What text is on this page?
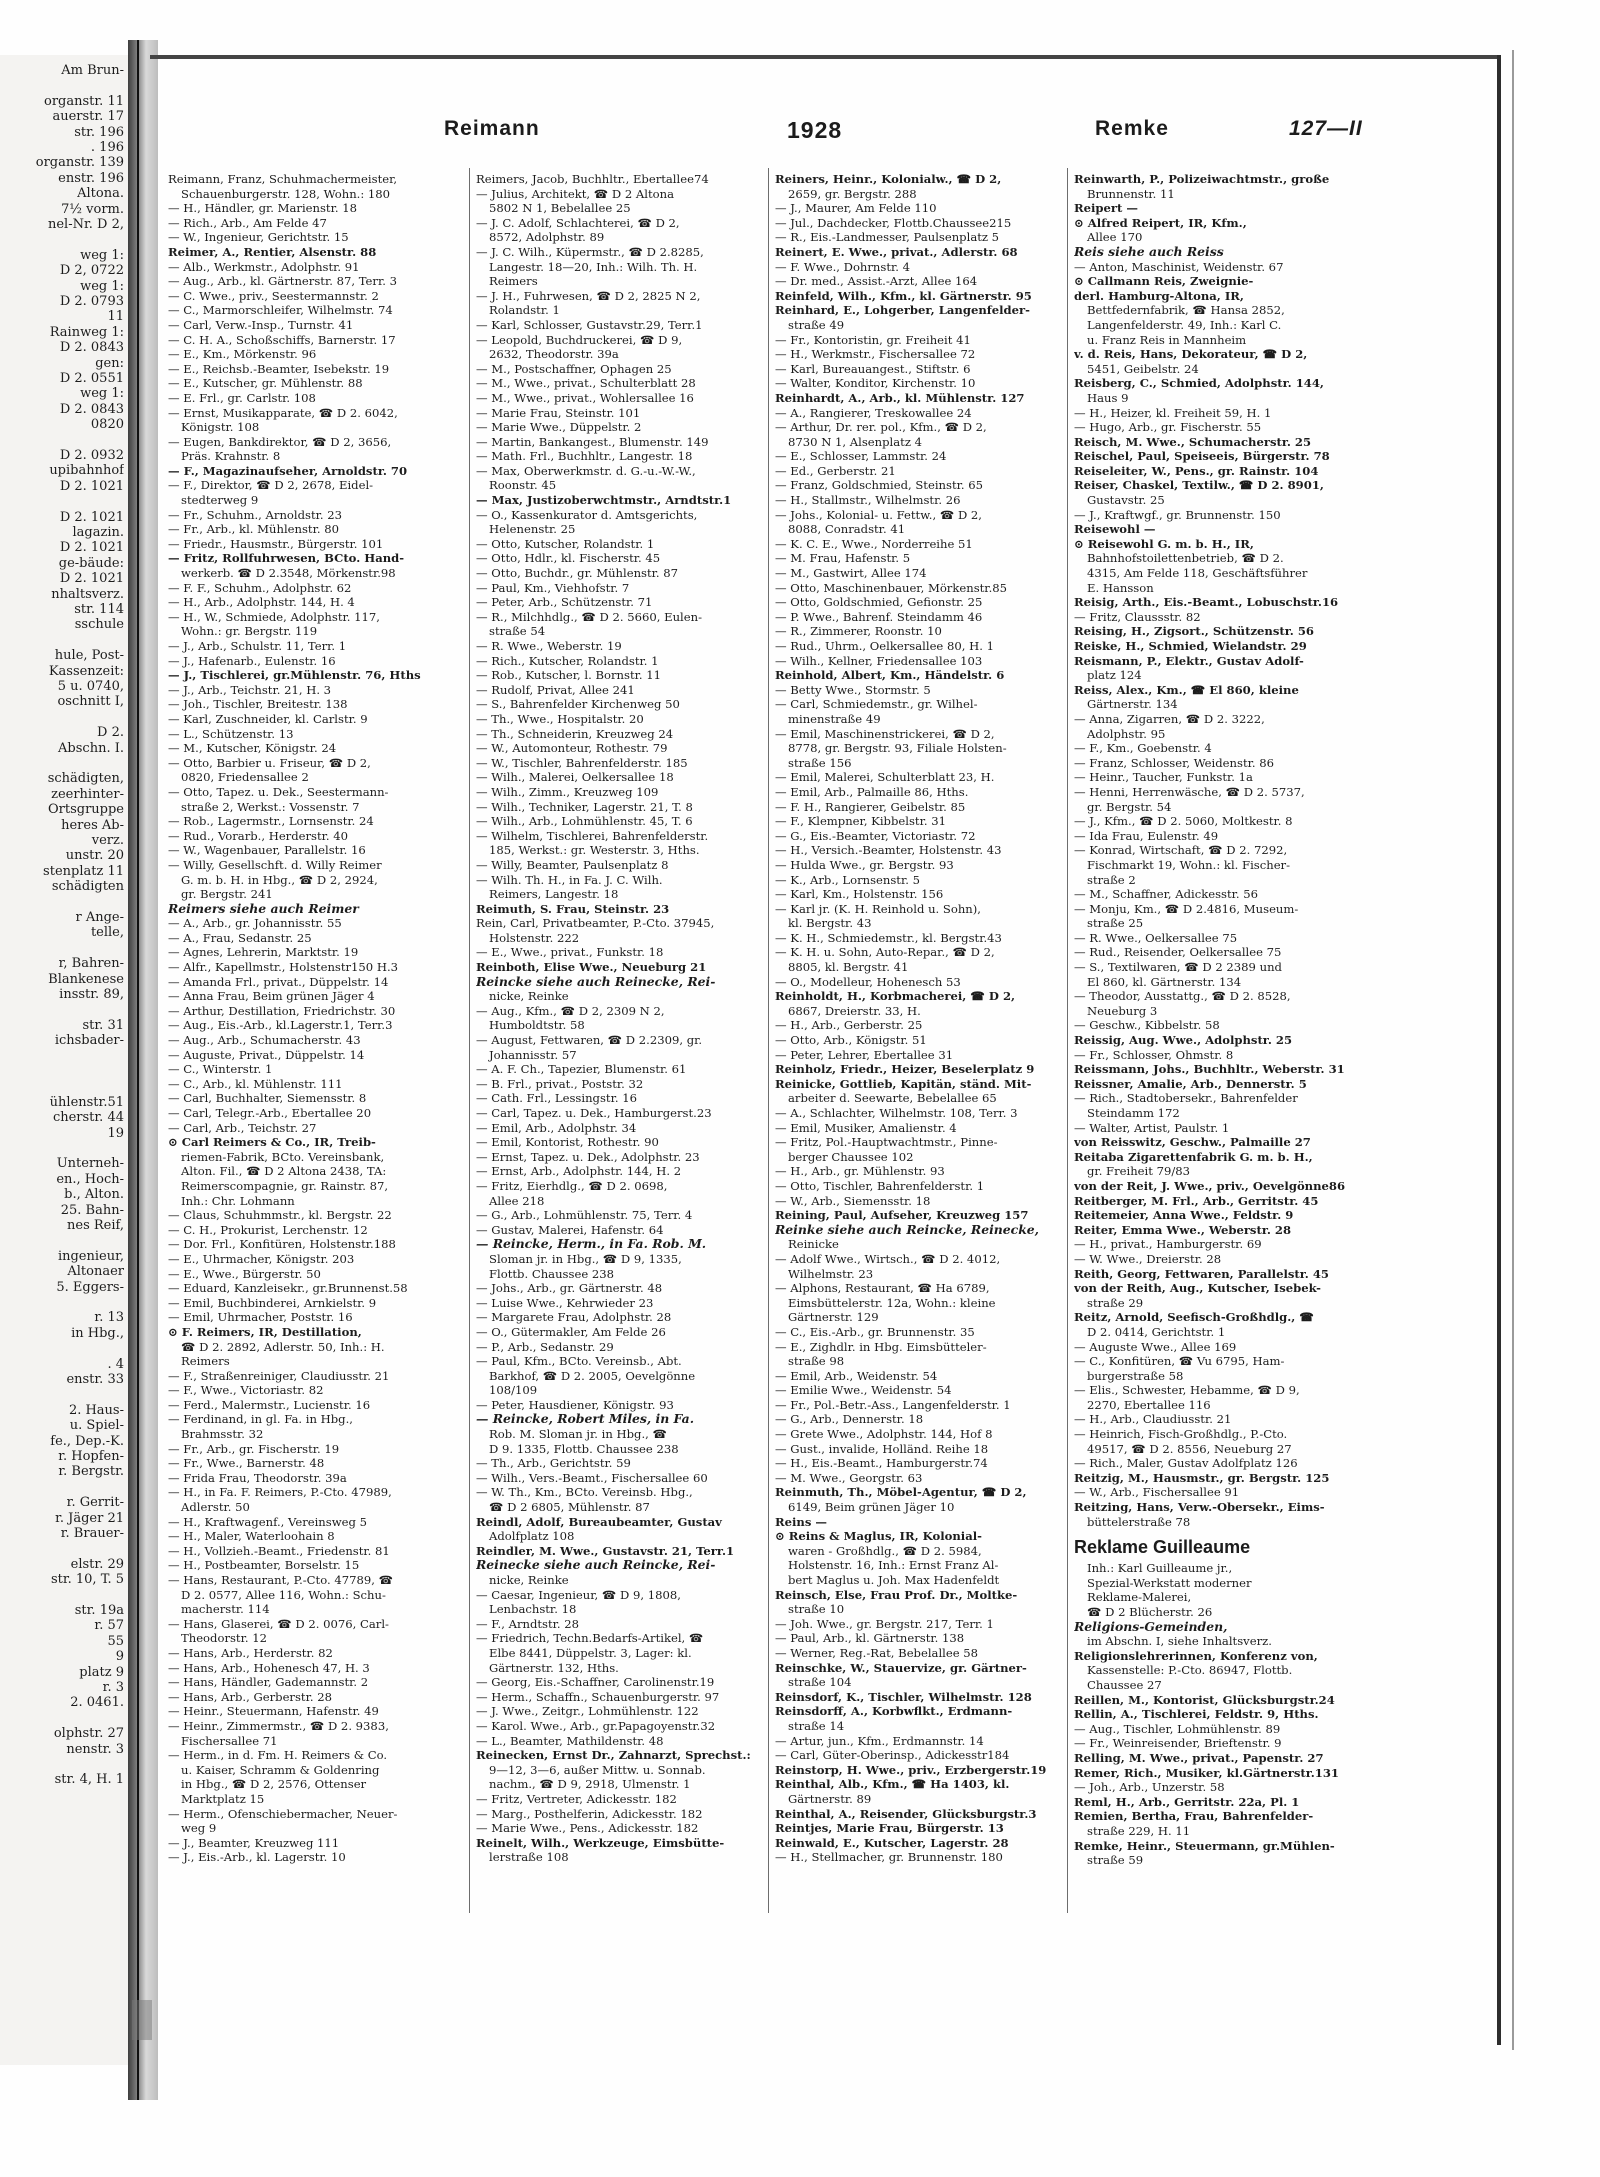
Am Brun-
organstr. 11
auerstr. 17
str. 196
. 196
organstr. 139
enstr. 196
Altona.
7½ vorm.
nel-Nr. D 2,
weg 1:
D 2, 0722
weg 1:
D 2. 0793
11
Rainweg 1:
D 2. 0843
gen:
D 2. 0551
weg 1:
D 2. 0843
0820
D 2. 0932
upibahnhof
D 2. 1021
D 2. 1021
lagazin.
D 2. 1021
ge-bäude:
D 2. 1021
nhaltsverz.
str. 114
sschule
hule, Post-
Kassenzeit:
5 u. 0740,
oschnitt I,
D 2.
Abschn. I.
schädigten,
zeerhinter-
Ortsgruppe
heres Ab-
verz.
unstr. 20
stenplatz 11
schädigten
r Ange-
telle,
r, Bahren-
Blankenese
insstr. 89,
str. 31
ichsbader-
ühlenstr.51
cherstr. 44
19
Unterneh-
en., Hoch-
b., Alton.
25. Bahn-
nes Reif,
ingenieur,
Altonaer
5. Eggers-
r. 13
in Hbg.,
. 4
enstr. 33
2. Haus-
u. Spiel-
fe., Dep.-K.
r. Hopfen-
r. Bergstr.
r. Gerrit-
r. Jäger 21
r. Brauer-
elstr. 29
str. 10, T. 5
str. 19a
r. 57
55
9
platz 9
r. 3
2. 0461.
olphstr. 27
nenstr. 3
str. 4, H. 1
Reimann	1928	Remke	127—II
Reimann, Franz, Schuhmachermeister,
Schauenburgerstr. 128, Wohn.: 180
— H., Händler, gr. Marienstr. 18
— Rich., Arb., Am Felde 47
— W., Ingenieur, Gerichtstr. 15
Reimer, A., Rentier, Alsenstr. 88
— Alb., Werkmstr., Adolphstr. 91
— Aug., Arb., kl. Gärtnerstr. 87, Terr. 3
— C. Wwe., priv., Seestermannstr. 2
— C., Marmorschleifer, Wilhelmstr. 74
— Carl, Verw.-Insp., Turnstr. 41
— C. H. A., Schoßschiffs, Barnerstr. 17
— E., Km., Mörkenstr. 96
— E., Reichsb.-Beamter, Isebekstr. 19
— E., Kutscher, gr. Mühlenstr. 88
— E. Frl., gr. Carlstr. 108
— Ernst, Musikapparate, ☎ D 2. 6042,
Königstr. 108
— Eugen, Bankdirektor, ☎ D 2, 3656,
Präs. Krahnstr. 8
— F., Magazinaufseher, Arnoldstr. 70
— F., Direktor, ☎ D 2, 2678, Eidel-
stedterweg 9
— Fr., Schuhm., Arnoldstr. 23
— Fr., Arb., kl. Mühlenstr. 80
— Friedr., Hausmstr., Bürgerstr. 101
— Fritz, Rollfuhrwesen, BCto. Hand-
werkerb. ☎ D 2.3548, Mörkenstr.98
— F. F., Schuhm., Adolphstr. 62
— H., Arb., Adolphstr. 144, H. 4
— H., W., Schmiede, Adolphstr. 117,
Wohn.: gr. Bergstr. 119
— J., Arb., Schulstr. 11, Terr. 1
— J., Hafenarb., Eulenstr. 16
— J., Tischlerei, gr.Mühlenstr. 76, Hths
— J., Arb., Teichstr. 21, H. 3
— Joh., Tischler, Breitestr. 138
— Karl, Zuschneider, kl. Carlstr. 9
— L., Schützenstr. 13
— M., Kutscher, Königstr. 24
— Otto, Barbier u. Friseur, ☎ D 2,
0820, Friedensallee 2
— Otto, Tapez. u. Dek., Seestermann-
straße 2, Werkst.: Vossenstr. 7
— Rob., Lagermstr., Lornsenstr. 24
— Rud., Vorarb., Herderstr. 40
— W., Wagenbauer, Parallelstr. 16
— Willy, Gesellschft. d. Willy Reimer
G. m. b. H. in Hbg., ☎ D 2, 2924,
gr. Bergstr. 241
Reimers siehe auch Reimer
— A., Arb., gr. Johannisstr. 55
— A., Frau, Sedanstr. 25
— Agnes, Lehrerin, Marktstr. 19
— Alfr., Kapellmstr., Holstenstr150 H.3
— Amanda Frl., privat., Düppelstr. 14
— Anna Frau, Beim grünen Jäger 4
— Arthur, Destillation, Friedrichstr. 30
— Aug., Eis.-Arb., kl.Lagerstr.1, Terr.3
— Aug., Arb., Schumacherstr. 43
— Auguste, Privat., Düppelstr. 14
— C., Winterstr. 1
— C., Arb., kl. Mühlenstr. 111
— Carl, Buchhalter, Siemensstr. 8
— Carl, Telegr.-Arb., Ebertallee 20
— Carl, Arb., Teichstr. 27
⊙ Carl Reimers & Co., IR, Treib-
riemen-Fabrik, BCto. Vereinsbank,
Alton. Fil., ☎ D 2 Altona 2438, TA:
Reimerscompagnie, gr. Rainstr. 87,
Inh.: Chr. Lohmann
— Claus, Schuhmmstr., kl. Bergstr. 22
— C. H., Prokurist, Lerchenstr. 12
— Dor. Frl., Konfitüren, Holstenstr.188
— E., Uhrmacher, Königstr. 203
— E., Wwe., Bürgerstr. 50
— Eduard, Kanzleisekr., gr.Brunnenst.58
— Emil, Buchbinderei, Arnkielstr. 9
— Emil, Uhrmacher, Poststr. 16
⊙ F. Reimers, IR, Destillation,
☎ D 2. 2892, Adlerstr. 50, Inh.: H.
Reimers
— F., Straßenreiniger, Claudiusstr. 21
— F., Wwe., Victoriastr. 82
— Ferd., Malermstr., Lucienstr. 16
— Ferdinand, in gl. Fa. in Hbg.,
Brahmsstr. 32
— Fr., Arb., gr. Fischerstr. 19
— Fr., Wwe., Barnerstr. 48
— Frida Frau, Theodorstr. 39a
— H., in Fa. F. Reimers, P.-Cto. 47989,
Adlerstr. 50
— H., Kraftwagenf., Vereinsweg 5
— H., Maler, Waterloohain 8
— H., Vollzieh.-Beamt., Friedenstr. 81
— H., Postbeamter, Borselstr. 15
— Hans, Restaurant, P.-Cto. 47789, ☎
D 2. 0577, Allee 116, Wohn.: Schu-
macherstr. 114
— Hans, Glaserei, ☎ D 2. 0076, Carl-
Theodorstr. 12
— Hans, Arb., Herderstr. 82
— Hans, Arb., Hohenesch 47, H. 3
— Hans, Händler, Gademannstr. 2
— Hans, Arb., Gerberstr. 28
— Heinr., Steuermann, Hafenstr. 49
— Heinr., Zimmermstr., ☎ D 2. 9383,
Fischersallee 71
— Herm., in d. Fm. H. Reimers & Co.
u. Kaiser, Schramm & Goldenring
in Hbg., ☎ D 2, 2576, Ottenser
Marktplatz 15
— Herm., Ofenschiebermacher, Neuer-
weg 9
— J., Beamter, Kreuzweg 111
— J., Eis.-Arb., kl. Lagerstr. 10
Reimers, Jacob, Buchhltr., Ebertallee74
— Julius, Architekt, ☎ D 2 Altona
5802 N 1, Bebelallee 25
— J. C. Adolf, Schlachterei, ☎ D 2,
8572, Adolphstr. 89
— J. C. Wilh., Küpermstr., ☎ D 2.8285,
Langestr. 18—20, Inh.: Wilh. Th. H.
Reimers
— J. H., Fuhrwesen, ☎ D 2, 2825 N 2,
Rolandstr. 1
— Karl, Schlosser, Gustavstr.29, Terr.1
— Leopold, Buchdruckerei, ☎ D 9,
2632, Theodorstr. 39a
— M., Postschaffner, Ophagen 25
— M., Wwe., privat., Schulterblatt 28
— M., Wwe., privat., Wohlersallee 16
— Marie Frau, Steinstr. 101
— Marie Wwe., Düppelstr. 2
— Martin, Bankangest., Blumenstr. 149
— Math. Frl., Buchhltr., Langestr. 18
— Max, Oberwerkmstr. d. G.-u.-W.-W.,
Roonstr. 45
— Max, Justizoberwchtmstr., Arndtstr.1
— O., Kassenkurator d. Amtsgerichts,
Helenenstr. 25
— Otto, Kutscher, Rolandstr. 1
— Otto, Hdlr., kl. Fischerstr. 45
— Otto, Buchdr., gr. Mühlenstr. 87
— Paul, Km., Viehhofstr. 7
— Peter, Arb., Schützenstr. 71
— R., Milchhdlg., ☎ D 2. 5660, Eulen-
straße 54
— R. Wwe., Weberstr. 19
— Rich., Kutscher, Rolandstr. 1
— Rob., Kutscher, l. Bornstr. 11
— Rudolf, Privat, Allee 241
— S., Bahrenfelder Kirchenweg 50
— Th., Wwe., Hospitalstr. 20
— Th., Schneiderin, Kreuzweg 24
— W., Automonteur, Rothestr. 79
— W., Tischler, Bahrenfelderstr. 185
— Wilh., Malerei, Oelkersallee 18
— Wilh., Zimm., Kreuzweg 109
— Wilh., Techniker, Lagerstr. 21, T. 8
— Wilh., Arb., Lohmühlenstr. 45, T. 6
— Wilhelm, Tischlerei, Bahrenfelderstr.
185, Werkst.: gr. Westerstr. 3, Hths.
— Willy, Beamter, Paulsenplatz 8
— Wilh. Th. H., in Fa. J. C. Wilh.
Reimers, Langestr. 18
Reimuth, S. Frau, Steinstr. 23
Rein, Carl, Privatbeamter, P.-Cto. 37945,
Holstenstr. 222
— E., Wwe., privat., Funkstr. 18
Reinboth, Elise Wwe., Neueburg 21
Reincke siehe auch Reinecke, Rei-
nicke, Reinke
— Aug., Kfm., ☎ D 2, 2309 N 2,
Humboldtstr. 58
— August, Fettwaren, ☎ D 2.2309, gr.
Johannisstr. 57
— A. F. Ch., Tapezier, Blumenstr. 61
— B. Frl., privat., Poststr. 32
— Cath. Frl., Lessingstr. 16
— Carl, Tapez. u. Dek., Hamburgerst.23
— Emil, Arb., Adolphstr. 34
— Emil, Kontorist, Rothestr. 90
— Ernst, Tapez. u. Dek., Adolphstr. 23
— Ernst, Arb., Adolphstr. 144, H. 2
— Fritz, Eierhdlg., ☎ D 2. 0698,
Allee 218
— G., Arb., Lohmühlenstr. 75, Terr. 4
— Gustav, Malerei, Hafenstr. 64
— Reincke, Herm., in Fa. Rob. M.
Sloman jr. in Hbg., ☎ D 9, 1335,
Flottb. Chaussee 238
— Johs., Arb., gr. Gärtnerstr. 48
— Luise Wwe., Kehrwieder 23
— Margarete Frau, Adolphstr. 28
— O., Gütermakler, Am Felde 26
— P., Arb., Sedanstr. 29
— Paul, Kfm., BCto. Vereinsb., Abt.
Barkhof, ☎ D 2. 2005, Oevelgönne
108/109
— Peter, Hausdiener, Königstr. 93
— Reincke, Robert Miles, in Fa.
Rob. M. Sloman jr. in Hbg., ☎
D 9. 1335, Flottb. Chaussee 238
— Th., Arb., Gerichtstr. 59
— Wilh., Vers.-Beamt., Fischersallee 60
— W. Th., Km., BCto. Vereinsb. Hbg.,
☎ D 2 6805, Mühlenstr. 87
Reindl, Adolf, Bureaubeamter, Gustav
Adolfplatz 108
Reindler, M. Wwe., Gustavstr. 21, Terr.1
Reinecke siehe auch Reincke, Rei-
nicke, Reinke
— Caesar, Ingenieur, ☎ D 9, 1808,
Lenbachstr. 18
— F., Arndtstr. 28
— Friedrich, Techn.Bedarfs-Artikel, ☎
Elbe 8441, Düppelstr. 3, Lager: kl.
Gärtnerstr. 132, Hths.
— Georg, Eis.-Schaffner, Carolinenstr.19
— Herm., Schaffn., Schauenburgerstr. 97
— J. Wwe., Zeitgr., Lohmühlenstr. 122
— Karol. Wwe., Arb., gr.Papagoyenstr.32
— L., Beamter, Mathildenstr. 48
Reinecken, Ernst Dr., Zahnarzt, Sprechst.:
9—12, 3—6, außer Mittw. u. Sonnab.
nachm., ☎ D 9, 2918, Ulmenstr. 1
— Fritz, Vertreter, Adickesstr. 182
— Marg., Posthelferin, Adickesstr. 182
— Marie Wwe., Pens., Adickesstr. 182
Reinelt, Wilh., Werkzeuge, Eimsbütte-
lerstraße 108
Reiners, Heinr., Kolonialw., ☎ D 2,
2659, gr. Bergstr. 288
— J., Maurer, Am Felde 110
— Jul., Dachdecker, Flottb.Chaussee215
— R., Eis.-Landmesser, Paulsenplatz 5
Reinert, E. Wwe., privat., Adlerstr. 68
— F. Wwe., Dohrnstr. 4
— Dr. med., Assist.-Arzt, Allee 164
Reinfeld, Wilh., Kfm., kl. Gärtnerstr. 95
Reinhard, E., Lohgerber, Langenfelder-
straße 49
— Fr., Kontoristin, gr. Freiheit 41
— H., Werkmstr., Fischersallee 72
— Karl, Bureauangest., Stiftstr. 6
— Walter, Konditor, Kirchenstr. 10
Reinhardt, A., Arb., kl. Mühlenstr. 127
— A., Rangierer, Treskowallee 24
— Arthur, Dr. rer. pol., Kfm., ☎ D 2,
8730 N 1, Alsenplatz 4
— E., Schlosser, Lammstr. 24
— Ed., Gerberstr. 21
— Franz, Goldschmied, Steinstr. 65
— H., Stallmstr., Wilhelmstr. 26
— Johs., Kolonial- u. Fettw., ☎ D 2,
8088, Conradstr. 41
— K. C. E., Wwe., Norderreihe 51
— M. Frau, Hafenstr. 5
— M., Gastwirt, Allee 174
— Otto, Maschinenbauer, Mörkenstr.85
— Otto, Goldschmied, Gefionstr. 25
— P. Wwe., Bahrenf. Steindamm 46
— R., Zimmerer, Roonstr. 10
— Rud., Uhrm., Oelkersallee 80, H. 1
— Wilh., Kellner, Friedensallee 103
Reinhold, Albert, Km., Händelstr. 6
— Betty Wwe., Stormstr. 5
— Carl, Schmiedemstr., gr. Wilhel-
minenstraße 49
— Emil, Maschinenstrickerei, ☎ D 2,
8778, gr. Bergstr. 93, Filiale Holsten-
straße 156
— Emil, Malerei, Schulterblatt 23, H.
— Emil, Arb., Palmaille 86, Hths.
— F. H., Rangierer, Geibelstr. 85
— F., Klempner, Kibbelstr. 31
— G., Eis.-Beamter, Victoriastr. 72
— H., Versich.-Beamter, Holstenstr. 43
— Hulda Wwe., gr. Bergstr. 93
— K., Arb., Lornsenstr. 5
— Karl, Km., Holstenstr. 156
— Karl jr. (K. H. Reinhold u. Sohn),
kl. Bergstr. 43
— K. H., Schmiedemstr., kl. Bergstr.43
— K. H. u. Sohn, Auto-Repar., ☎ D 2,
8805, kl. Bergstr. 41
— O., Modelleur, Hohenesch 53
Reinholdt, H., Korbmacherei, ☎ D 2,
6867, Dreierstr. 33, H.
— H., Arb., Gerberstr. 25
— Otto, Arb., Königstr. 51
— Peter, Lehrer, Ebertallee 31
Reinholz, Friedr., Heizer, Beselerplatz 9
Reinicke, Gottlieb, Kapitän, ständ. Mit-
arbeiter d. Seewarte, Bebelallee 65
— A., Schlachter, Wilhelmstr. 108, Terr. 3
— Emil, Musiker, Amalienstr. 4
— Fritz, Pol.-Hauptwachtmstr., Pinne-
berger Chaussee 102
— H., Arb., gr. Mühlenstr. 93
— Otto, Tischler, Bahrenfelderstr. 1
— W., Arb., Siemensstr. 18
Reining, Paul, Aufseher, Kreuzweg 157
Reinke siehe auch Reincke, Reinecke,
Reinicke
— Adolf Wwe., Wirtsch., ☎ D 2. 4012,
Wilhelmstr. 23
— Alphons, Restaurant, ☎ Ha 6789,
Eimsbüttelerstr. 12a, Wohn.: kleine
Gärtnerstr. 129
— C., Eis.-Arb., gr. Brunnenstr. 35
— E., Zighdlr. in Hbg. Eimsbütteler-
straße 98
— Emil, Arb., Weidenstr. 54
— Emilie Wwe., Weidenstr. 54
— Fr., Pol.-Betr.-Ass., Langenfelderstr. 1
— G., Arb., Dennerstr. 18
— Grete Wwe., Adolphstr. 144, Hof 8
— Gust., invalide, Holländ. Reihe 18
— H., Eis.-Beamt., Hamburgerstr.74
— M. Wwe., Georgstr. 63
Reinmuth, Th., Möbel-Agentur, ☎ D 2,
6149, Beim grünen Jäger 10
Reins —
⊙ Reins & Maglus, IR, Kolonial-
waren - Großhdlg., ☎ D 2. 5984,
Holstenstr. 16, Inh.: Ernst Franz Al-
bert Maglus u. Joh. Max Hadenfeldt
Reinsch, Else, Frau Prof. Dr., Moltke-
straße 10
— Joh. Wwe., gr. Bergstr. 217, Terr. 1
— Paul, Arb., kl. Gärtnerstr. 138
— Werner, Reg.-Rat, Bebelallee 58
Reinschke, W., Stauervize, gr. Gärtner-
straße 104
Reinsdorf, K., Tischler, Wilhelmstr. 128
Reinsdorff, A., Korbwflkt., Erdmann-
straße 14
— Artur, jun., Kfm., Erdmannstr. 14
— Carl, Güter-Oberinsp., Adickesstr184
Reinstorp, H. Wwe., priv., Erzbergerstr.19
Reinthal, Alb., Kfm., ☎ Ha 1403, kl.
Gärtnerstr. 89
Reinthal, A., Reisender, Glücksburgstr.3
Reintjes, Marie Frau, Bürgerstr. 13
Reinwald, E., Kutscher, Lagerstr. 28
— H., Stellmacher, gr. Brunnenstr. 180
Reinwarth, P., Polizeiwachtmstr., große
Brunnenstr. 11
Reipert —
⊙ Alfred Reipert, IR, Kfm.,
Allee 170
Reis siehe auch Reiss
— Anton, Maschinist, Weidenstr. 67
⊙ Callmann Reis, Zweignie-
derl. Hamburg-Altona, IR,
Bettfedernfabrik, ☎ Hansa 2852,
Langenfelderstr. 49, Inh.: Karl C.
u. Franz Reis in Mannheim
v. d. Reis, Hans, Dekorateur, ☎ D 2,
5451, Geibelstr. 24
Reisberg, C., Schmied, Adolphstr. 144,
Haus 9
— H., Heizer, kl. Freiheit 59, H. 1
— Hugo, Arb., gr. Fischerstr. 55
Reisch, M. Wwe., Schumacherstr. 25
Reischel, Paul, Speiseeis, Bürgerstr. 78
Reiseleiter, W., Pens., gr. Rainstr. 104
Reiser, Chaskel, Textilw., ☎ D 2. 8901,
Gustavstr. 25
— J., Kraftwgf., gr. Brunnenstr. 150
Reisewohl —
⊙ Reisewohl G. m. b. H., IR,
Bahnhofstoilettenbetrieb, ☎ D 2.
4315, Am Felde 118, Geschäftsführer
E. Hansson
Reisig, Arth., Eis.-Beamt., Lobuschstr.16
— Fritz, Claussstr. 82
Reising, H., Zigsort., Schützenstr. 56
Reiske, H., Schmied, Wielandstr. 29
Reismann, P., Elektr., Gustav Adolf-
platz 124
Reiss, Alex., Km., ☎ El 860, kleine
Gärtnerstr. 134
— Anna, Zigarren, ☎ D 2. 3222,
Adolphstr. 95
— F., Km., Goebenstr. 4
— Franz, Schlosser, Weidenstr. 86
— Heinr., Taucher, Funkstr. 1a
— Henni, Herrenwäsche, ☎ D 2. 5737,
gr. Bergstr. 54
— J., Kfm., ☎ D 2. 5060, Moltkestr. 8
— Ida Frau, Eulenstr. 49
— Konrad, Wirtschaft, ☎ D 2. 7292,
Fischmarkt 19, Wohn.: kl. Fischer-
straße 2
— M., Schaffner, Adickesstr. 56
— Monju, Km., ☎ D 2.4816, Museum-
straße 25
— R. Wwe., Oelkersallee 75
— Rud., Reisender, Oelkersallee 75
— S., Textilwaren, ☎ D 2 2389 und
El 860, kl. Gärtnerstr. 134
— Theodor, Ausstattg., ☎ D 2. 8528,
Neueburg 3
— Geschw., Kibbelstr. 58
Reissig, Aug. Wwe., Adolphstr. 25
— Fr., Schlosser, Ohmstr. 8
Reissmann, Johs., Buchhltr., Weberstr. 31
Reissner, Amalie, Arb., Dennerstr. 5
— Rich., Stadtobersekr., Bahrenfelder
Steindamm 172
— Walter, Artist, Paulstr. 1
von Reisswitz, Geschw., Palmaille 27
Reitaba Zigarettenfabrik G. m. b. H.,
gr. Freiheit 79/83
von der Reit, J. Wwe., priv., Oevelgönne86
Reitberger, M. Frl., Arb., Gerritstr. 45
Reitemeier, Anna Wwe., Feldstr. 9
Reiter, Emma Wwe., Weberstr. 28
— H., privat., Hamburgerstr. 69
— W. Wwe., Dreierstr. 28
Reith, Georg, Fettwaren, Parallelstr. 45
von der Reith, Aug., Kutscher, Isebek-
straße 29
Reitz, Arnold, Seefisch-Großhdlg., ☎
D 2. 0414, Gerichtstr. 1
— Auguste Wwe., Allee 169
— C., Konfitüren, ☎ Vu 6795, Ham-
burgerstraße 58
— Elis., Schwester, Hebamme, ☎ D 9,
2270, Ebertallee 116
— H., Arb., Claudiusstr. 21
— Heinrich, Fisch-Großhdlg., P.-Cto.
49517, ☎ D 2. 8556, Neueburg 27
— Rich., Maler, Gustav Adolfplatz 126
Reitzig, M., Hausmstr., gr. Bergstr. 125
— W., Arb., Fischersallee 91
Reitzing, Hans, Verw.-Obersekr., Eims-
büttelerstraße 78
Reklame Guilleaume
Inh.: Karl Guilleaume jr.,
Spezial-Werkstatt moderner
Reklame-Malerei,
☎ D 2 Blücherstr. 26
Religions-Gemeinden,
im Abschn. I, siehe Inhaltsverz.
Religionslehrerinnen, Konferenz von,
Kassenstelle: P.-Cto. 86947, Flottb.
Chaussee 27
Reillen, M., Kontorist, Glücksburgstr.24
Rellin, A., Tischlerei, Feldstr. 9, Hths.
— Aug., Tischler, Lohmühlenstr. 89
— Fr., Weinreisender, Brieftenstr. 9
Relling, M. Wwe., privat., Papenstr. 27
Remer, Rich., Musiker, kl.Gärtnerstr.131
— Joh., Arb., Unzerstr. 58
Reml, H., Arb., Gerritstr. 22a, Pl. 1
Remien, Bertha, Frau, Bahrenfelder-
straße 229, H. 11
Remke, Heinr., Steuermann, gr.Mühlen-
straße 59
